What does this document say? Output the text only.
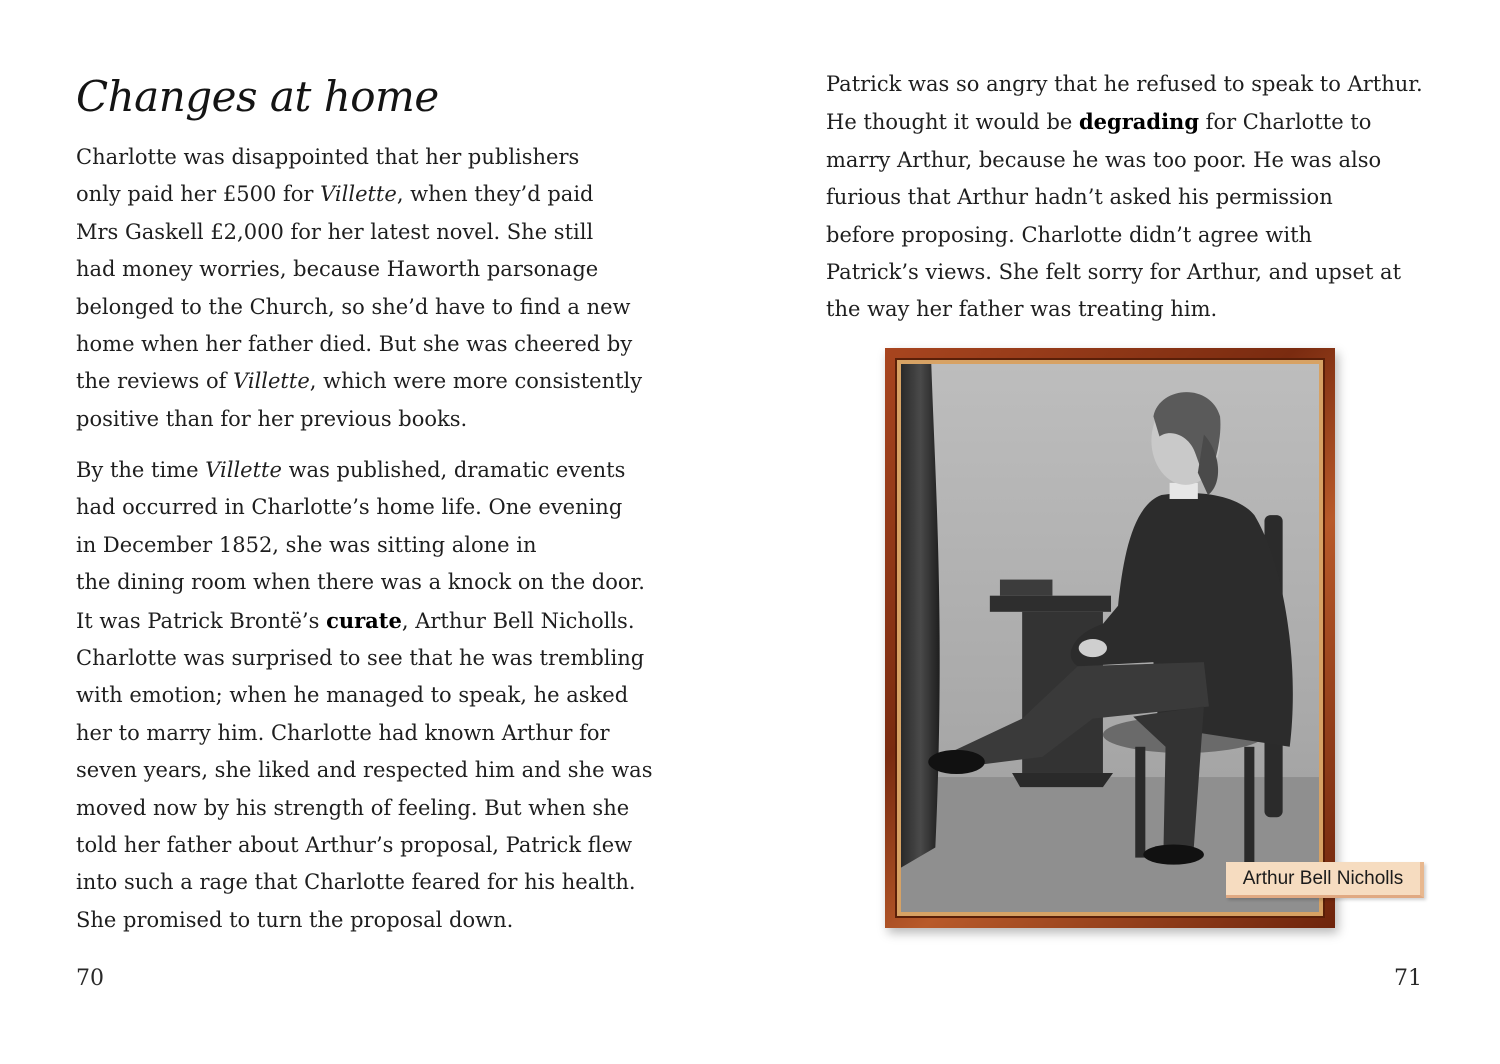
Changes at home
Charlotte was disappointed that her publishers
only paid her £500 for Villette, when they’d paid
Mrs Gaskell £2,000 for her latest novel. She still
had money worries, because Haworth parsonage
belonged to the Church, so she’d have to find a new
home when her father died. But she was cheered by
the reviews of Villette, which were more consistently
positive than for her previous books.
By the time Villette was published, dramatic events
had occurred in Charlotte’s home life. One evening
in December 1852, she was sitting alone in
the dining room when there was a knock on the door.
It was Patrick Brontë’s curate, Arthur Bell Nicholls.
Charlotte was surprised to see that he was trembling
with emotion; when he managed to speak, he asked
her to marry him. Charlotte had known Arthur for
seven years, she liked and respected him and she was
moved now by his strength of feeling. But when she
told her father about Arthur’s proposal, Patrick flew
into such a rage that Charlotte feared for his health.
She promised to turn the proposal down.
70
Patrick was so angry that he refused to speak to Arthur.
He thought it would be degrading for Charlotte to
marry Arthur, because he was too poor. He was also
furious that Arthur hadn’t asked his permission
before proposing. Charlotte didn’t agree with
Patrick’s views. She felt sorry for Arthur, and upset at
the way her father was treating him.
Arthur Bell Nicholls
71
